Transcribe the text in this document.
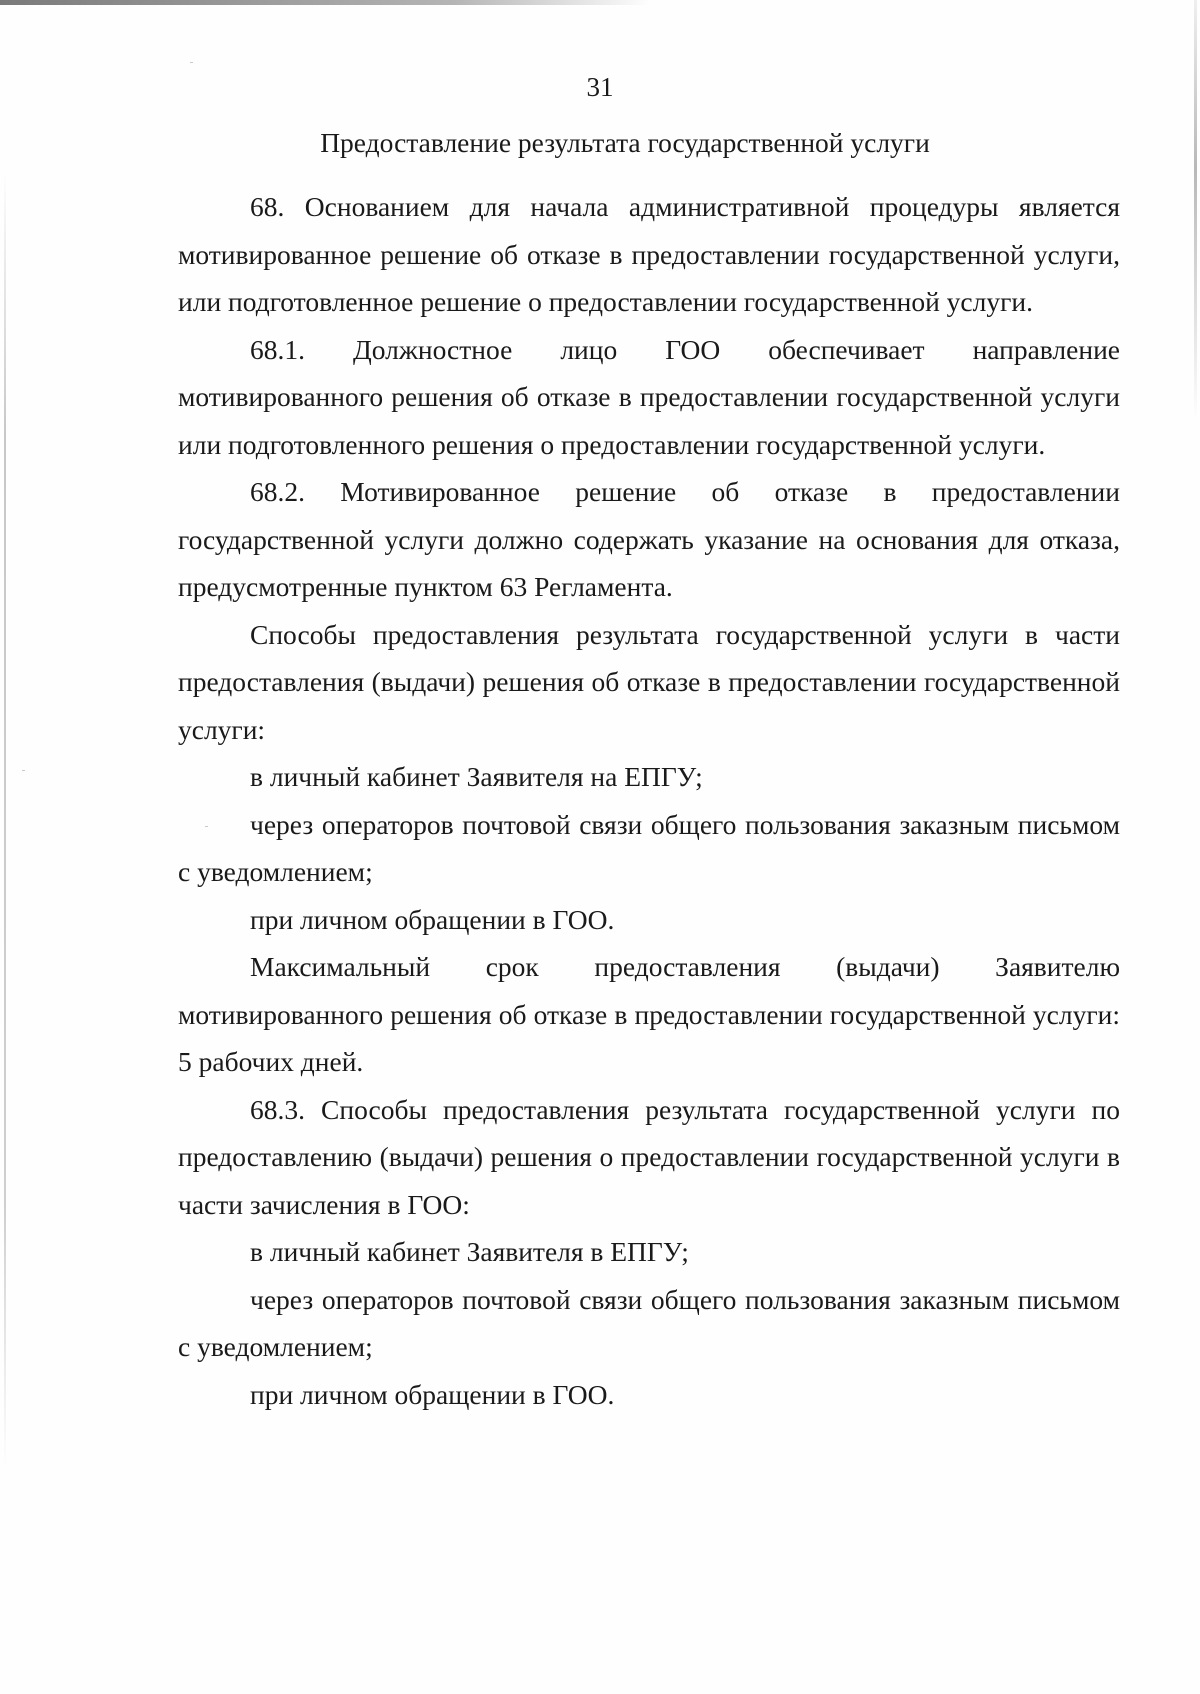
31
Предоставление результата государственной услуги

68. Основанием для начала административной процедуры является мотивированное решение об отказе в предоставлении государственной услуги, или подготовленное решение о предоставлении государственной услуги.

68.1. Должностное лицо ГОО обеспечивает направление мотивированного решения об отказе в предоставлении государственной услуги или подготовленного решения о предоставлении государственной услуги.

68.2. Мотивированное решение об отказе в предоставлении государственной услуги должно содержать указание на основания для отказа, предусмотренные пунктом 63 Регламента.

Способы предоставления результата государственной услуги в части предоставления (выдачи) решения об отказе в предоставлении государственной услуги:

в личный кабинет Заявителя на ЕПГУ;

через операторов почтовой связи общего пользования заказным письмом с уведомлением;

при личном обращении в ГОО.

Максимальный срок предоставления (выдачи) Заявителю мотивированного решения об отказе в предоставлении государственной услуги: 5 рабочих дней.

68.3. Способы предоставления результата государственной услуги по предоставлению (выдачи) решения о предоставлении государственной услуги в части зачисления в ГОО:

в личный кабинет Заявителя в ЕПГУ;

через операторов почтовой связи общего пользования заказным письмом с уведомлением;

при личном обращении в ГОО.
